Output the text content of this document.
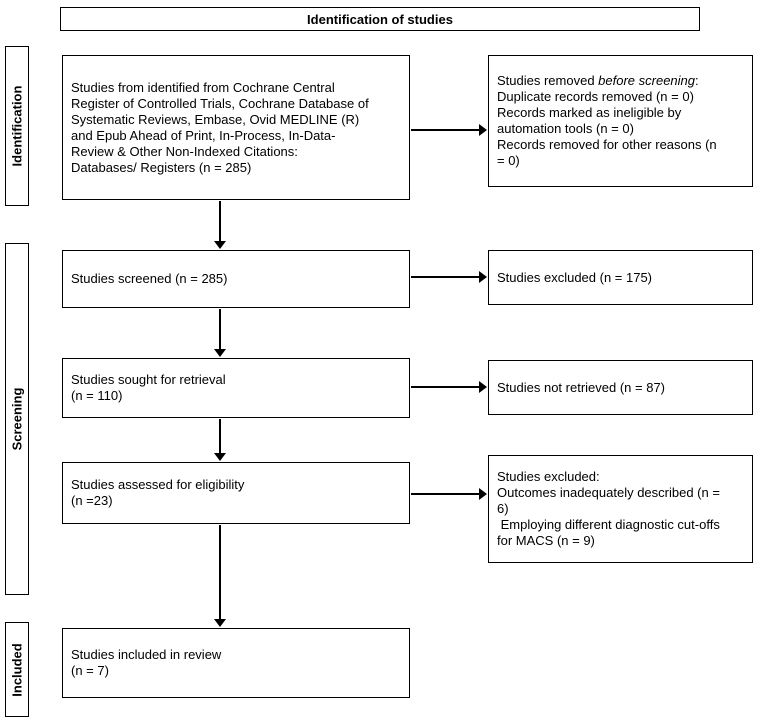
Identification of studies
Identification
Screening
Included
Studies from identified from Cochrane Central
Register of Controlled Trials, Cochrane Database of
Systematic Reviews, Embase, Ovid MEDLINE (R)
and Epub Ahead of Print, In-Process, In-Data-
Review & Other Non-Indexed Citations:
Databases/ Registers (n = 285)
Studies screened (n = 285)
Studies sought for retrieval
(n = 110)
Studies assessed for eligibility
(n =23)
Studies included in review
(n = 7)
Studies removed before screening:
Duplicate records removed (n = 0)
Records marked as ineligible by
automation tools (n = 0)
Records removed for other reasons (n
= 0)
Studies excluded (n = 175)
Studies not retrieved (n = 87)
Studies excluded:
Outcomes inadequately described (n =
6)
Employing different diagnostic cut-offs
for MACS (n = 9)
